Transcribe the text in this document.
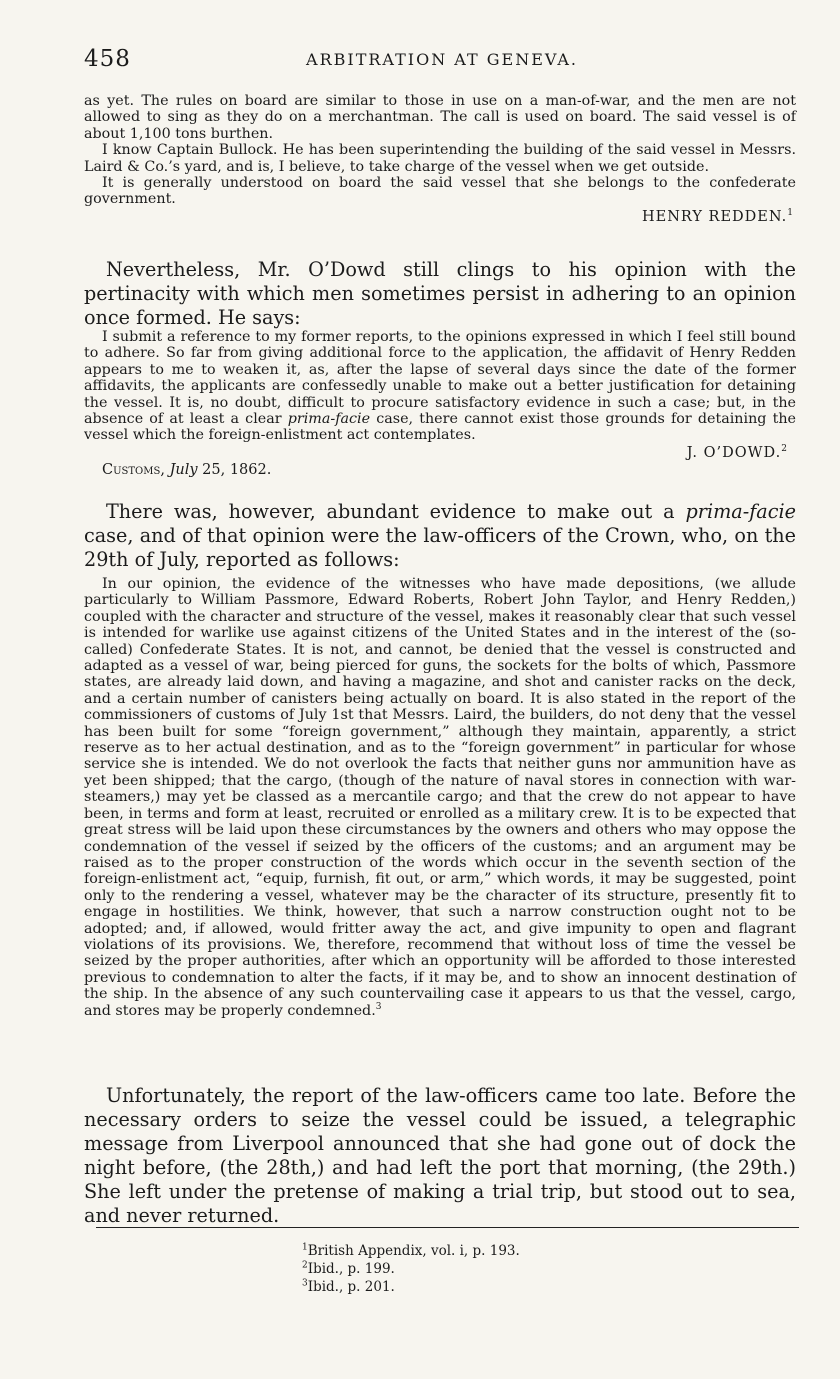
458	ARBITRATION AT GENEVA.

as yet. The rules on board are similar to those in use on a man-of-war, and the men are not allowed to sing as they do on a merchantman. The call is used on board. The said vessel is of about 1,100 tons burthen.

I know Captain Bullock. He has been superintending the building of the said vessel in Messrs. Laird & Co.’s yard, and is, I believe, to take charge of the vessel when we get outside.

It is generally understood on board the said vessel that she belongs to the confederate government.

HENRY REDDEN.$^1$

Nevertheless, Mr. O’Dowd still clings to his opinion with the pertinacity with which men sometimes persist in adhering to an opinion once formed. He says:

I submit a reference to my former reports, to the opinions expressed in which I feel still bound to adhere. So far from giving additional force to the application, the affidavit of Henry Redden appears to me to weaken it, as, after the lapse of several days since the date of the former affidavits, the applicants are confessedly unable to make out a better justification for detaining the vessel. It is, no doubt, difficult to procure satisfactory evidence in such a case; but, in the absence of at least a clear prima-facie case, there cannot exist those grounds for detaining the vessel which the foreign-enlistment act contemplates.

J. O’DOWD.$^2$

Customs, July 25, 1862.

There was, however, abundant evidence to make out a prima-facie case, and of that opinion were the law-officers of the Crown, who, on the 29th of July, reported as follows:

In our opinion, the evidence of the witnesses who have made depositions, (we allude particularly to William Passmore, Edward Roberts, Robert John Taylor, and Henry Redden,) coupled with the character and structure of the vessel, makes it reasonably clear that such vessel is intended for warlike use against citizens of the United States and in the interest of the (so-called) Confederate States. It is not, and cannot, be denied that the vessel is constructed and adapted as a vessel of war, being pierced for guns, the sockets for the bolts of which, Passmore states, are already laid down, and having a magazine, and shot and canister racks on the deck, and a certain number of canisters being actually on board. It is also stated in the report of the commissioners of customs of July 1st that Messrs. Laird, the builders, do not deny that the vessel has been built for some “foreign government,” although they maintain, apparently, a strict reserve as to her actual destination, and as to the “foreign government” in particular for whose service she is intended. We do not overlook the facts that neither guns nor ammunition have as yet been shipped; that the cargo, (though of the nature of naval stores in connection with war-steamers,) may yet be classed as a mercantile cargo; and that the crew do not appear to have been, in terms and form at least, recruited or enrolled as a military crew. It is to be expected that great stress will be laid upon these circumstances by the owners and others who may oppose the condemnation of the vessel if seized by the officers of the customs; and an argument may be raised as to the proper construction of the words which occur in the seventh section of the foreign-enlistment act, “equip, furnish, fit out, or arm,” which words, it may be suggested, point only to the rendering a vessel, whatever may be the character of its structure, presently fit to engage in hostilities. We think, however, that such a narrow construction ought not to be adopted; and, if allowed, would fritter away the act, and give impunity to open and flagrant violations of its provisions. We, therefore, recommend that without loss of time the vessel be seized by the proper authorities, after which an opportunity will be afforded to those interested previous to condemnation to alter the facts, if it may be, and to show an innocent destination of the ship. In the absence of any such countervailing case it appears to us that the vessel, cargo, and stores may be properly condemned.$^3$

Unfortunately, the report of the law-officers came too late. Before the necessary orders to seize the vessel could be issued, a telegraphic message from Liverpool announced that she had gone out of dock the night before, (the 28th,) and had left the port that morning, (the 29th.) She left under the pretense of making a trial trip, but stood out to sea, and never returned.

$^1$British Appendix, vol. i, p. 193.
$^2$Ibid., p. 199.
$^3$Ibid., p. 201.
